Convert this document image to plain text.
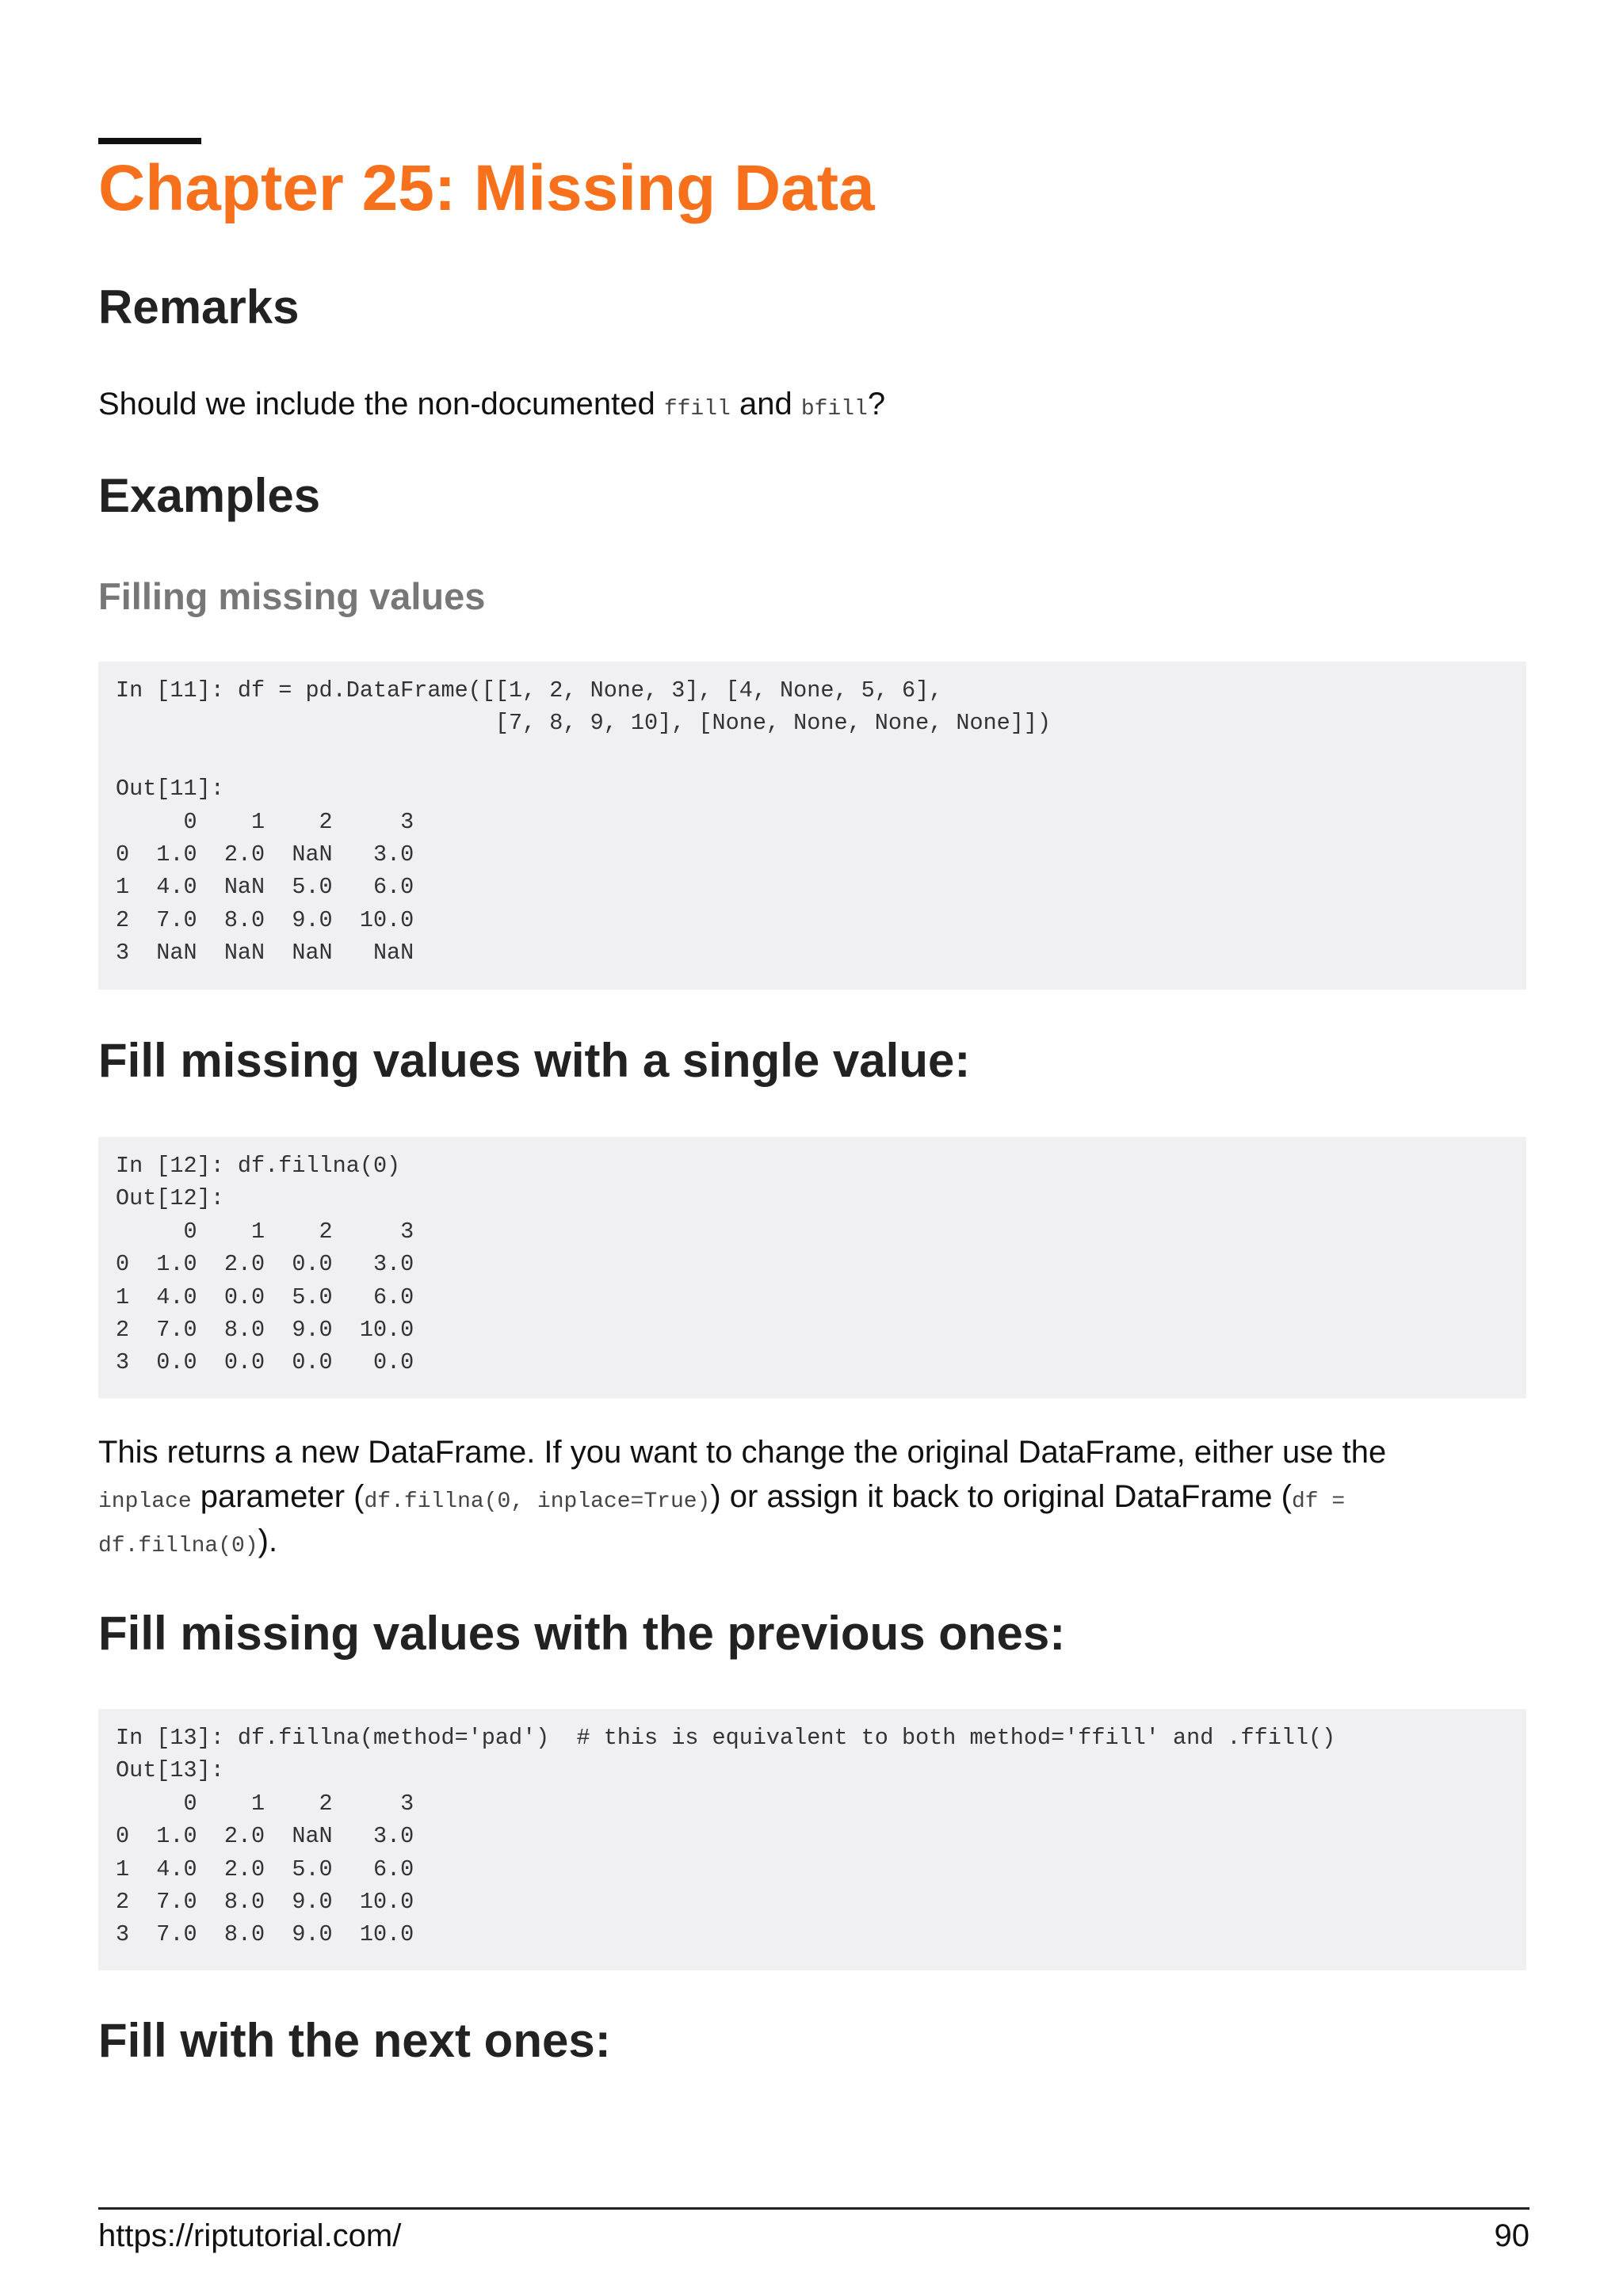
Chapter 25: Missing Data
Remarks

Should we include the non-documented ffill and bfill?

Examples
Filling missing values
In [11]: df = pd.DataFrame([[1, 2, None, 3], [4, None, 5, 6],
[7, 8, 9, 10], [None, None, None, None]])

Out[11]:
0    1    2     3
0  1.0  2.0  NaN   3.0
1  4.0  NaN  5.0   6.0
2  7.0  8.0  9.0  10.0
3  NaN  NaN  NaN   NaN
Fill missing values with a single value:
In [12]: df.fillna(0)
Out[12]:
0    1    2     3
0  1.0  2.0  0.0   3.0
1  4.0  0.0  5.0   6.0
2  7.0  8.0  9.0  10.0
3  0.0  0.0  0.0   0.0

This returns a new DataFrame. If you want to change the original DataFrame, either use the
inplace parameter (df.fillna(0, inplace=True)) or assign it back to original DataFrame (df =
df.fillna(0)).

Fill missing values with the previous ones:
In [13]: df.fillna(method='pad')  # this is equivalent to both method='ffill' and .ffill()
Out[13]:
0    1    2     3
0  1.0  2.0  NaN   3.0
1  4.0  2.0  5.0   6.0
2  7.0  8.0  9.0  10.0
3  7.0  8.0  9.0  10.0
Fill with the next ones:
https://riptutorial.com/	90
